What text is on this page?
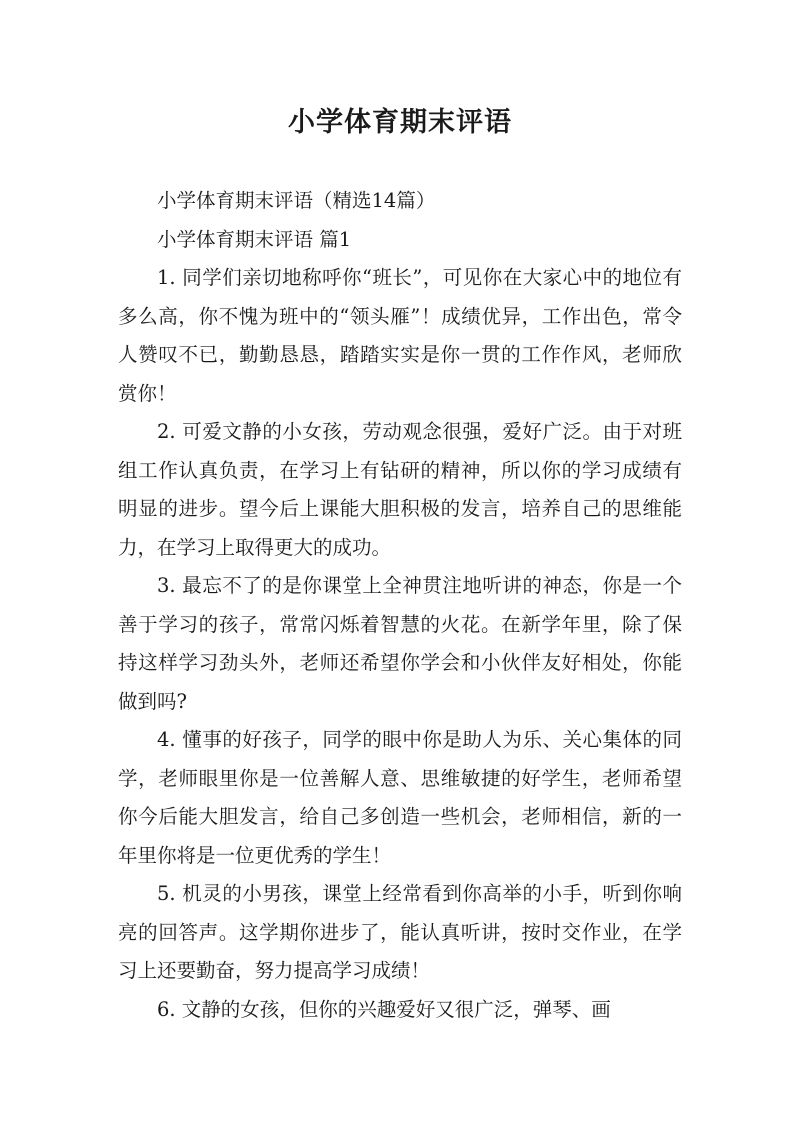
小学体育期末评语

小学体育期末评语（精选14篇）

小学体育期末评语 篇1

1. 同学们亲切地称呼你“班长”，可见你在大家心中的地位有多么高，你不愧为班中的“领头雁”！成绩优异，工作出色，常令人赞叹不已，勤勤恳恳，踏踏实实是你一贯的工作作风，老师欣赏你！

2. 可爱文静的小女孩，劳动观念很强，爱好广泛。由于对班组工作认真负责，在学习上有钻研的精神，所以你的学习成绩有明显的进步。望今后上课能大胆积极的发言，培养自己的思维能力，在学习上取得更大的成功。

3. 最忘不了的是你课堂上全神贯注地听讲的神态，你是一个善于学习的孩子，常常闪烁着智慧的火花。在新学年里，除了保持这样学习劲头外，老师还希望你学会和小伙伴友好相处，你能做到吗?

4. 懂事的好孩子，同学的眼中你是助人为乐、关心集体的同学，老师眼里你是一位善解人意、思维敏捷的好学生，老师希望你今后能大胆发言，给自己多创造一些机会，老师相信，新的一年里你将是一位更优秀的学生！

5. 机灵的小男孩，课堂上经常看到你高举的小手，听到你响亮的回答声。这学期你进步了，能认真听讲，按时交作业，在学习上还要勤奋，努力提高学习成绩！

6. 文静的女孩，但你的兴趣爱好又很广泛，弹琴、画
